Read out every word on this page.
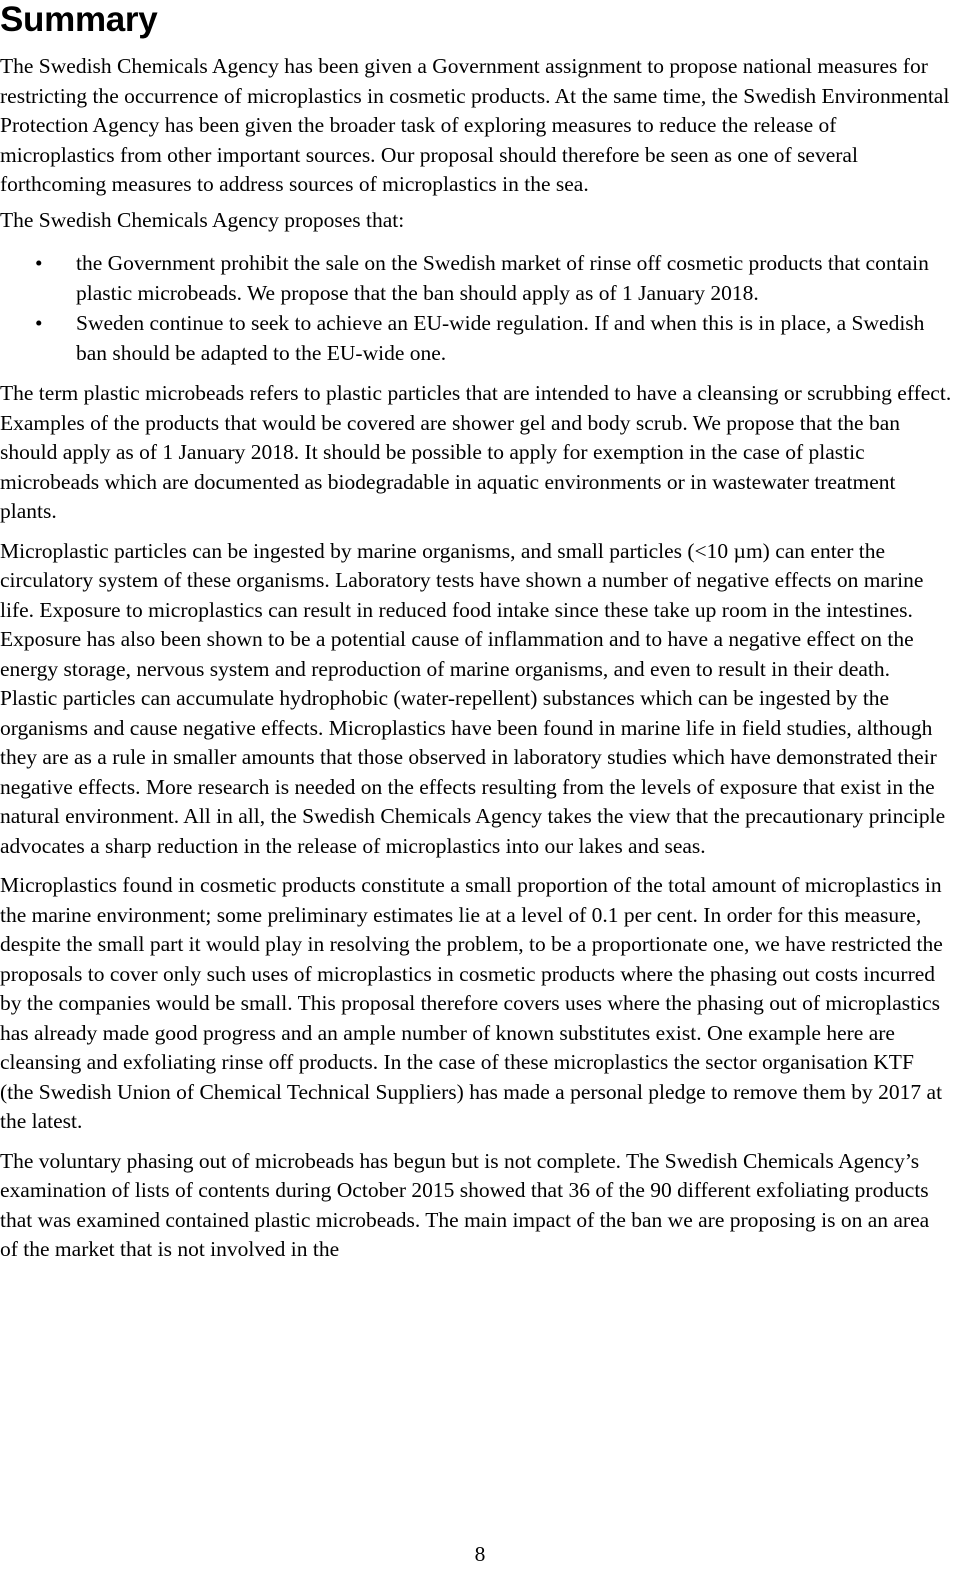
Summary

The Swedish Chemicals Agency has been given a Government assignment to propose national measures for restricting the occurrence of microplastics in cosmetic products. At the same time, the Swedish Environmental Protection Agency has been given the broader task of exploring measures to reduce the release of microplastics from other important sources. Our proposal should therefore be seen as one of several forthcoming measures to address sources of microplastics in the sea.

The Swedish Chemicals Agency proposes that:

• the Government prohibit the sale on the Swedish market of rinse off cosmetic products that contain plastic microbeads. We propose that the ban should apply as of 1 January 2018.
• Sweden continue to seek to achieve an EU-wide regulation. If and when this is in place, a Swedish ban should be adapted to the EU-wide one.

The term plastic microbeads refers to plastic particles that are intended to have a cleansing or scrubbing effect. Examples of the products that would be covered are shower gel and body scrub. We propose that the ban should apply as of 1 January 2018. It should be possible to apply for exemption in the case of plastic microbeads which are documented as biodegradable in aquatic environments or in wastewater treatment plants.

Microplastic particles can be ingested by marine organisms, and small particles (<10 µm) can enter the circulatory system of these organisms. Laboratory tests have shown a number of negative effects on marine life. Exposure to microplastics can result in reduced food intake since these take up room in the intestines. Exposure has also been shown to be a potential cause of inflammation and to have a negative effect on the energy storage, nervous system and reproduction of marine organisms, and even to result in their death. Plastic particles can accumulate hydrophobic (water-repellent) substances which can be ingested by the organisms and cause negative effects. Microplastics have been found in marine life in field studies, although they are as a rule in smaller amounts that those observed in laboratory studies which have demonstrated their negative effects. More research is needed on the effects resulting from the levels of exposure that exist in the natural environment. All in all, the Swedish Chemicals Agency takes the view that the precautionary principle advocates a sharp reduction in the release of microplastics into our lakes and seas.

Microplastics found in cosmetic products constitute a small proportion of the total amount of microplastics in the marine environment; some preliminary estimates lie at a level of 0.1 per cent. In order for this measure, despite the small part it would play in resolving the problem, to be a proportionate one, we have restricted the proposals to cover only such uses of microplastics in cosmetic products where the phasing out costs incurred by the companies would be small. This proposal therefore covers uses where the phasing out of microplastics has already made good progress and an ample number of known substitutes exist. One example here are cleansing and exfoliating rinse off products. In the case of these microplastics the sector organisation KTF (the Swedish Union of Chemical Technical Suppliers) has made a personal pledge to remove them by 2017 at the latest.

The voluntary phasing out of microbeads has begun but is not complete. The Swedish Chemicals Agency’s examination of lists of contents during October 2015 showed that 36 of the 90 different exfoliating products that was examined contained plastic microbeads. The main impact of the ban we are proposing is on an area of the market that is not involved in the

8
